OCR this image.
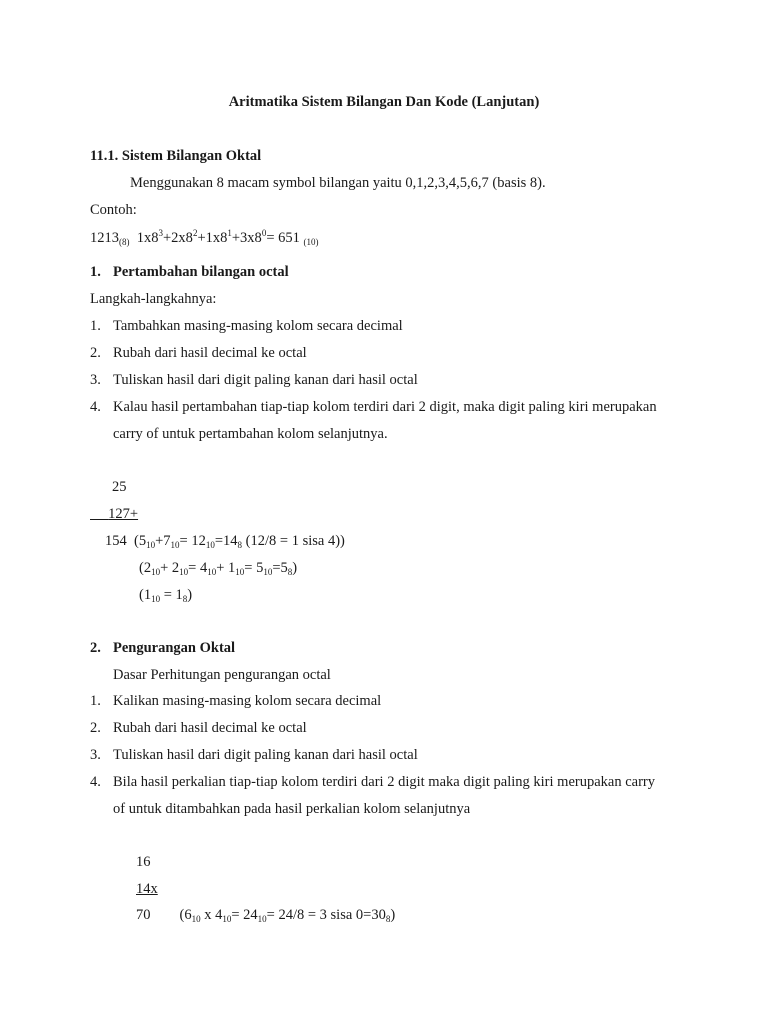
Aritmatika Sistem Bilangan Dan Kode (Lanjutan)
11.1. Sistem Bilangan Oktal
Menggunakan 8 macam symbol bilangan yaitu 0,1,2,3,4,5,6,7 (basis 8).
Contoh:
$1213_{(8)}$ $1x8^3+2x8^2+1x8^1+3x8^0= 651$ $_{(10)}$
1. Pertambahan bilangan octal
Langkah-langkahnya:
1. Tambahkan masing-masing kolom secara decimal
2. Rubah dari hasil decimal ke octal
3. Tuliskan hasil dari digit paling kanan dari hasil octal
4. Kalau hasil pertambahan tiap-tiap kolom terdiri dari 2 digit, maka digit paling kiri merupakan
carry of untuk pertambahan kolom selanjutnya.
25
127+
154 ($5_{10}+7_{10}= 12_{10}=14_8$ (12/8 = 1 sisa 4))
$(2_{10}+ 2_{10}= 4_{10}+ 1_{10}= 5_{10}=5_8)$
$(1_{10} = 1_8)$
2. Pengurangan Oktal
Dasar Perhitungan pengurangan octal
1. Kalikan masing-masing kolom secara decimal
2. Rubah dari hasil decimal ke octal
3. Tuliskan hasil dari digit paling kanan dari hasil octal
4. Bila hasil perkalian tiap-tiap kolom terdiri dari 2 digit maka digit paling kiri merupakan carry
of untuk ditambahkan pada hasil perkalian kolom selanjutnya
16
14x
70 ($6_{10}$ x $4_{10}= 24_{10}= 24/8 = 3$ sisa $0=30_8$)
